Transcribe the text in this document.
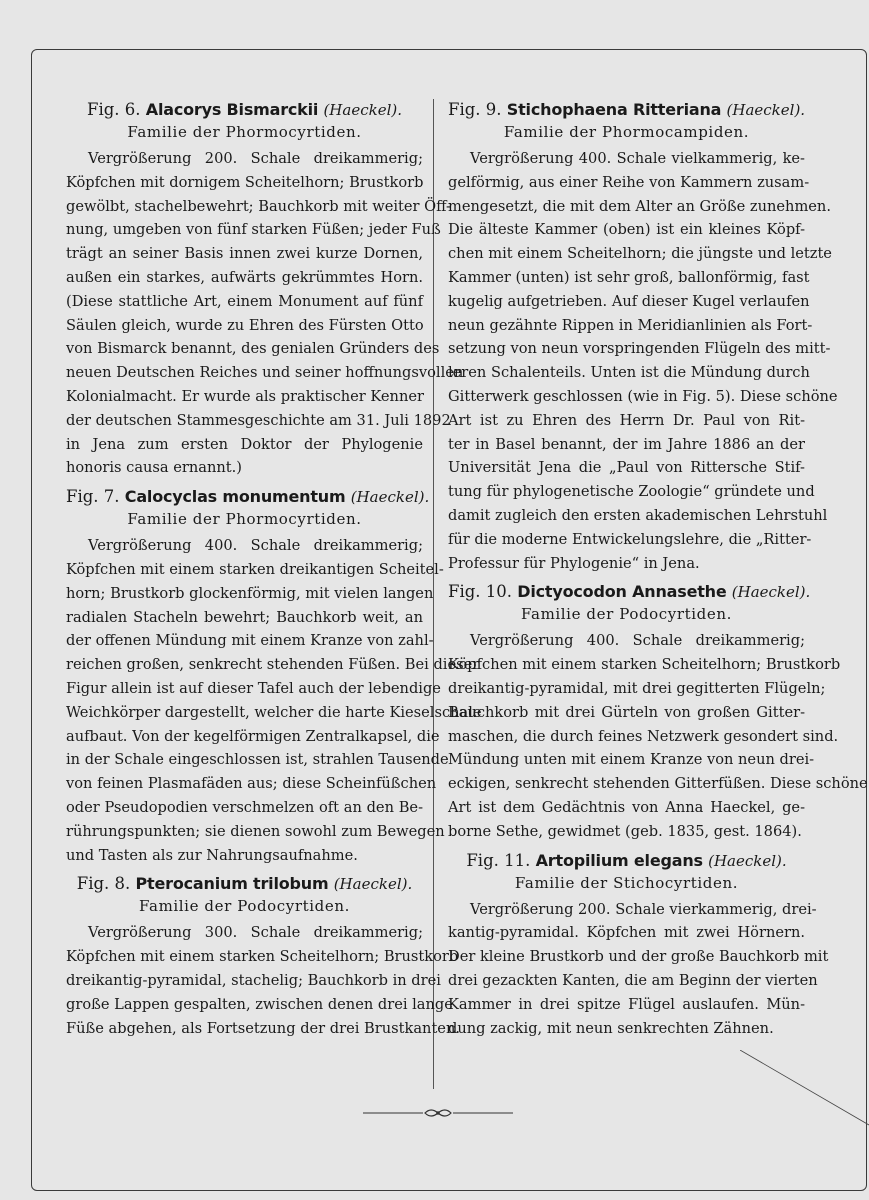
Fig. 6. Alacorys Bismarckii (Haeckel).

Familie der Phormocyrtiden.

Vergrößerung 200. Schale dreikammerig;
Köpfchen mit dornigem Scheitelhorn; Brustkorb
gewölbt, stachelbewehrt; Bauchkorb mit weiter Öff-
nung, umgeben von fünf starken Füßen; jeder Fuß
trägt an seiner Basis innen zwei kurze Dornen,
außen ein starkes, aufwärts gekrümmtes Horn.
(Diese stattliche Art, einem Monument auf fünf
Säulen gleich, wurde zu Ehren des Fürsten Otto
von Bismarck benannt, des genialen Gründers des
neuen Deutschen Reiches und seiner hoffnungsvollen
Kolonialmacht. Er wurde als praktischer Kenner
der deutschen Stammesgeschichte am 31. Juli 1892
in Jena zum ersten Doktor der Phylogenie
honoris causa ernannt.)

Fig. 7. Calocyclas monumentum (Haeckel).

Familie der Phormocyrtiden.

Vergrößerung 400. Schale dreikammerig;
Köpfchen mit einem starken dreikantigen Scheitel-
horn; Brustkorb glockenförmig, mit vielen langen
radialen Stacheln bewehrt; Bauchkorb weit, an
der offenen Mündung mit einem Kranze von zahl-
reichen großen, senkrecht stehenden Füßen. Bei dieser
Figur allein ist auf dieser Tafel auch der lebendige
Weichkörper dargestellt, welcher die harte Kieselschale
aufbaut. Von der kegelförmigen Zentralkapsel, die
in der Schale eingeschlossen ist, strahlen Tausende
von feinen Plasmafäden aus; diese Scheinfüßchen
oder Pseudopodien verschmelzen oft an den Be-
rührungspunkten; sie dienen sowohl zum Bewegen
und Tasten als zur Nahrungsaufnahme.

Fig. 8. Pterocanium trilobum (Haeckel).

Familie der Podocyrtiden.

Vergrößerung 300. Schale dreikammerig;
Köpfchen mit einem starken Scheitelhorn; Brustkorb
dreikantig-pyramidal, stachelig; Bauchkorb in drei
große Lappen gespalten, zwischen denen drei lange
Füße abgehen, als Fortsetzung der drei Brustkanten.

Fig. 9. Stichophaena Ritteriana (Haeckel).

Familie der Phormocampiden.

Vergrößerung 400. Schale vielkammerig, ke-
gelförmig, aus einer Reihe von Kammern zusam-
mengesetzt, die mit dem Alter an Größe zunehmen.
Die älteste Kammer (oben) ist ein kleines Köpf-
chen mit einem Scheitelhorn; die jüngste und letzte
Kammer (unten) ist sehr groß, ballonförmig, fast
kugelig aufgetrieben. Auf dieser Kugel verlaufen
neun gezähnte Rippen in Meridianlinien als Fort-
setzung von neun vorspringenden Flügeln des mitt-
leren Schalenteils. Unten ist die Mündung durch
Gitterwerk geschlossen (wie in Fig. 5). Diese schöne
Art ist zu Ehren des Herrn Dr. Paul von Rit-
ter in Basel benannt, der im Jahre 1886 an der
Universität Jena die „Paul von Rittersche Stif-
tung für phylogenetische Zoologie“ gründete und
damit zugleich den ersten akademischen Lehrstuhl
für die moderne Entwickelungslehre, die „Ritter-
Professur für Phylogenie“ in Jena.

Fig. 10. Dictyocodon Annasethe (Haeckel).

Familie der Podocyrtiden.

Vergrößerung 400. Schale dreikammerig;
Köpfchen mit einem starken Scheitelhorn; Brustkorb
dreikantig-pyramidal, mit drei gegitterten Flügeln;
Bauchkorb mit drei Gürteln von großen Gitter-
maschen, die durch feines Netzwerk gesondert sind.
Mündung unten mit einem Kranze von neun drei-
eckigen, senkrecht stehenden Gitterfüßen. Diese schöne
Art ist dem Gedächtnis von Anna Haeckel, ge-
borne Sethe, gewidmet (geb. 1835, gest. 1864).

Fig. 11. Artopilium elegans (Haeckel).

Familie der Stichocyrtiden.

Vergrößerung 200. Schale vierkammerig, drei-
kantig-pyramidal. Köpfchen mit zwei Hörnern.
Der kleine Brustkorb und der große Bauchkorb mit
drei gezackten Kanten, die am Beginn der vierten
Kammer in drei spitze Flügel auslaufen. Mün-
dung zackig, mit neun senkrechten Zähnen.
